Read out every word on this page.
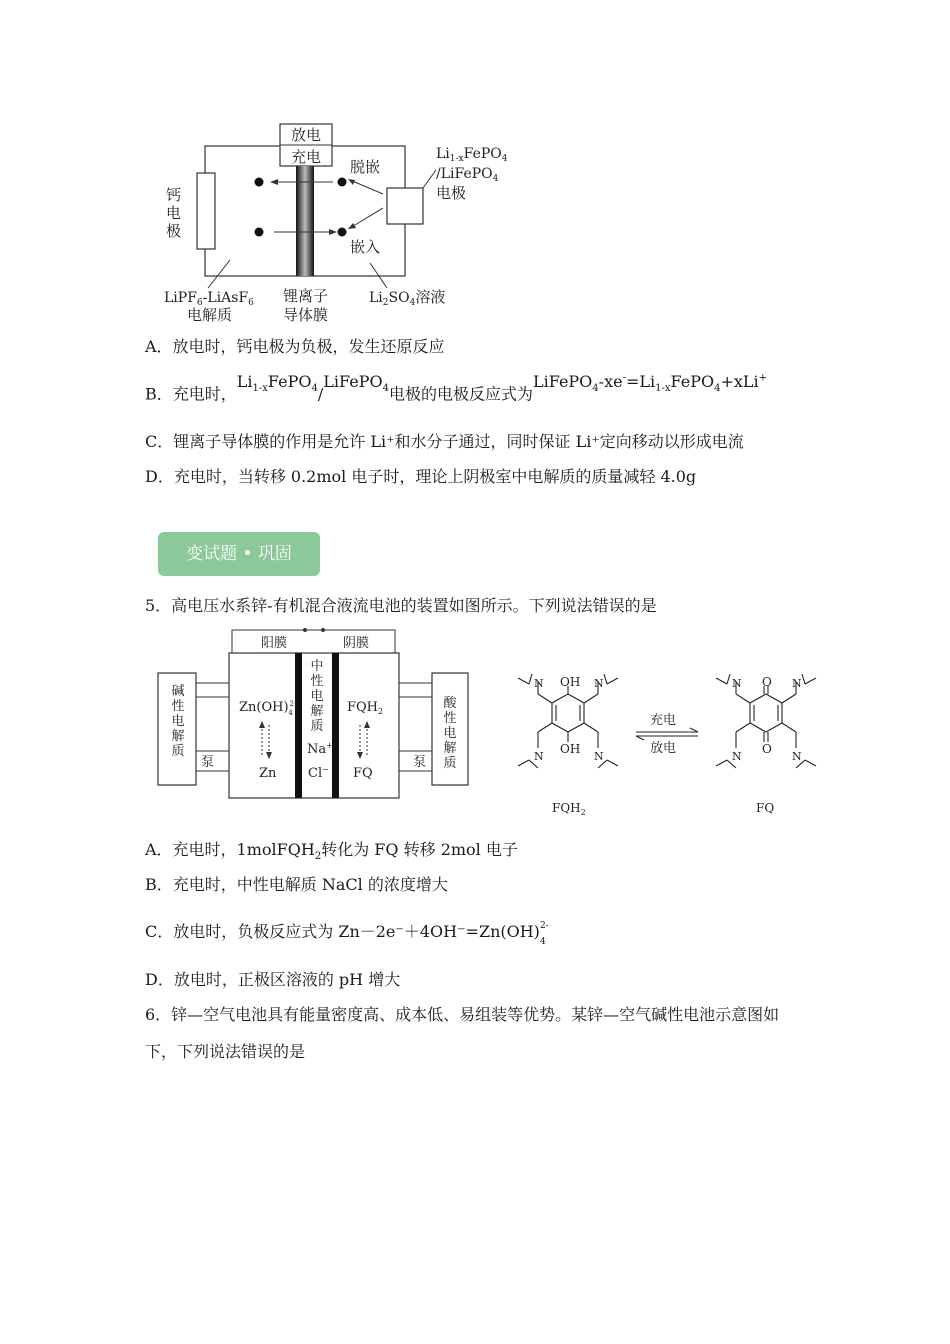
放电
充电
钙
电
极
脱嵌
嵌入
$Li_{1-x}FePO_4$
/LiFePO$_4$
电极
LiPF$_6$-LiAsF$_6$
电解质
锂离子
导体膜
$Li_2SO_4$溶液
A．放电时，钙电极为负极，发生还原反应
B．充电时，$Li_{1-x}FePO_4/LiFePO_4$电极的电极反应式为$LiFePO_4-xe^-=Li_{1-x}FePO_4+xLi^+$
C．锂离子导体膜的作用是允许 Li⁺和水分子通过，同时保证 Li⁺定向移动以形成电流
D．充电时，当转移 0.2mol 电子时，理论上阴极室中电解质的质量减轻 4.0g
变试题 • 巩固
5．高电压水系锌-有机混合液流电池的装置如图所示。下列说法错误的是
阳膜	阴膜
中
性
电
解
质
Na+
Cl−
Zn(OH)$^{2-}$4
Zn
$FQH_2$
FQ
泵
碱
性
电
解
质
泵
酸
性
电
解
质
OH
OH
N	N
N	N
$FQH_2$
充电
放电
O
O
N	N
N	N
FQ
A．充电时，1molFQH$_2$转化为 FQ 转移 2mol 电子
B．充电时，中性电解质 NaCl 的浓度增大
C．放电时，负极反应式为 Zn－2e⁻＋4OH⁻=Zn(OH) 2-
4
D．放电时，正极区溶液的 pH 增大
6．锌—空气电池具有能量密度高、成本低、易组装等优势。某锌—空气碱性电池示意图如
下，下列说法错误的是
